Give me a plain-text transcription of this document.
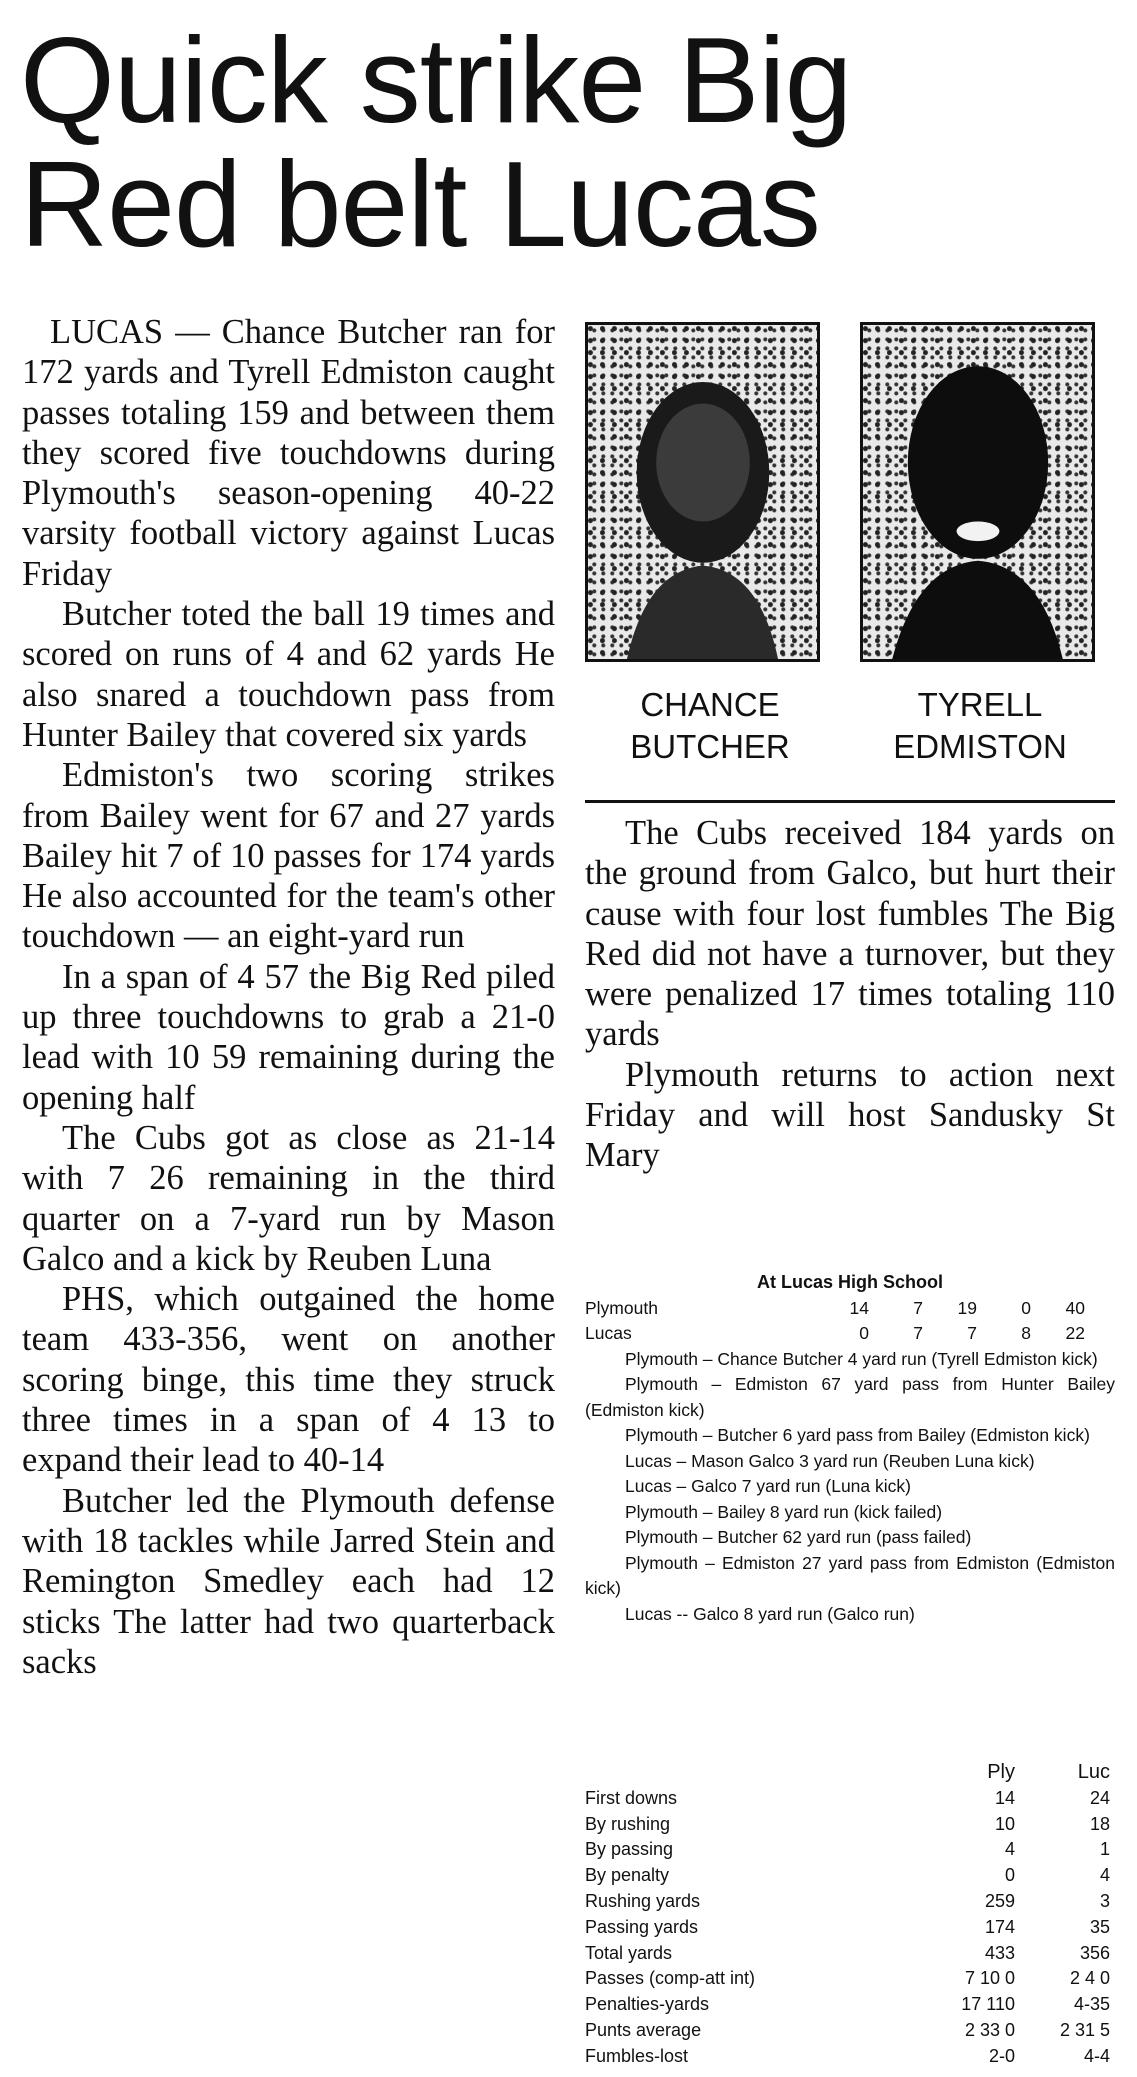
Quick strike Big
Red belt Lucas

LUCAS — Chance Butcher ran for 172 yards and Tyrell Edmiston caught passes totaling 159 and between them they scored five touchdowns during Plymouth's season-opening 40-22 varsity football victory against Lucas Friday

Butcher toted the ball 19 times and scored on runs of 4 and 62 yards He also snared a touchdown pass from Hunter Bailey that covered six yards

Edmiston's two scoring strikes from Bailey went for 67 and 27 yards Bailey hit 7 of 10 passes for 174 yards He also accounted for the team's other touchdown — an eight-yard run

In a span of 4 57 the Big Red piled up three touchdowns to grab a 21-0 lead with 10 59 remaining during the opening half

The Cubs got as close as 21-14 with 7 26 remaining in the third quarter on a 7-yard run by Mason Galco and a kick by Reuben Luna

PHS, which outgained the home team 433-356, went on another scoring binge, this time they struck three times in a span of 4 13 to expand their lead to 40-14

Butcher led the Plymouth defense with 18 tackles while Jarred Stein and Remington Smedley each had 12 sticks The latter had two quarterback sacks

CHANCE
BUTCHER
TYRELL
EDMISTON

The Cubs received 184 yards on the ground from Galco, but hurt their cause with four lost fumbles The Big Red did not have a turnover, but they were penalized 17 times totaling 110 yards

Plymouth returns to action next Friday and will host Sandusky St Mary

At Lucas High School
Plymouth	14	7	19	0	40
Lucas	0	7	7	8	22

Plymouth – Chance Butcher 4 yard run (Tyrell Edmiston kick)

Plymouth – Edmiston 67 yard pass from Hunter Bailey (Edmiston kick)

Plymouth – Butcher 6 yard pass from Bailey (Edmiston kick)

Lucas – Mason Galco 3 yard run (Reuben Luna kick)

Lucas – Galco 7 yard run (Luna kick)

Plymouth – Bailey 8 yard run (kick failed)

Plymouth – Butcher 62 yard run (pass failed)

Plymouth – Edmiston 27 yard pass from Edmiston (Edmiston kick)

Lucas -- Galco 8 yard run (Galco run)

Ply	Luc
First downs	14	24
By rushing	10	18
By passing	4	1
By penalty	0	4
Rushing yards	259	3
Passing yards	174	35
Total yards	433	356
Passes (comp-att int)	7 10 0	2 4 0
Penalties-yards	17 110	4-35
Punts average	2 33 0	2 31 5
Fumbles-lost	2-0	4-4
